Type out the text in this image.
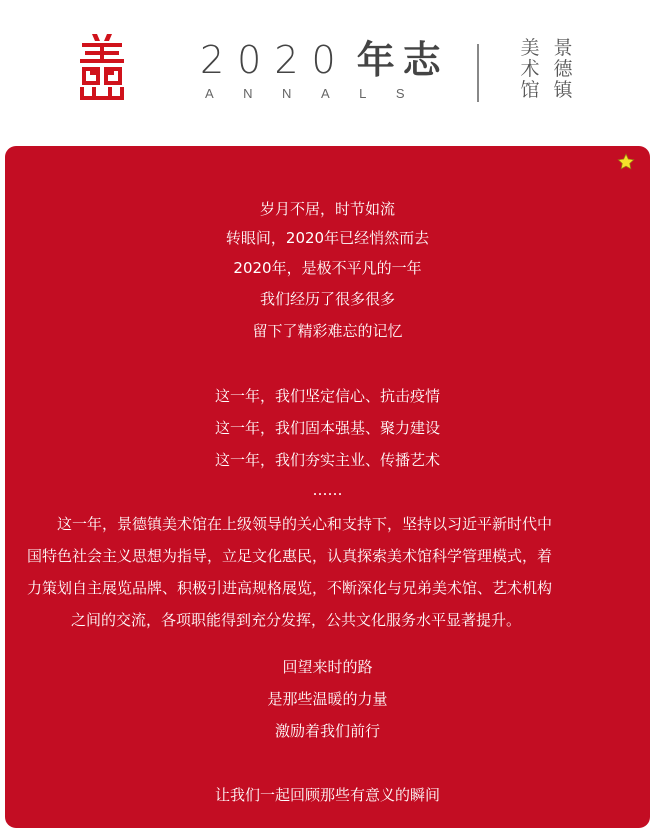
2020 年志
ANNALS
美
术
馆
景
德
镇
岁月不居，时节如流
转眼间，2020年已经悄然而去
2020年，是极不平凡的一年
我们经历了很多很多
留下了精彩难忘的记忆
这一年，我们坚定信心、抗击疫情
这一年，我们固本强基、聚力建设
这一年，我们夯实主业、传播艺术
……
这一年，景德镇美术馆在上级领导的关心和支持下，坚持以习近平新时代中
国特色社会主义思想为指导，立足文化惠民，认真探索美术馆科学管理模式，着
力策划自主展览品牌、积极引进高规格展览，不断深化与兄弟美术馆、艺术机构
之间的交流，各项职能得到充分发挥，公共文化服务水平显著提升。
回望来时的路
是那些温暖的力量
激励着我们前行
让我们一起回顾那些有意义的瞬间
